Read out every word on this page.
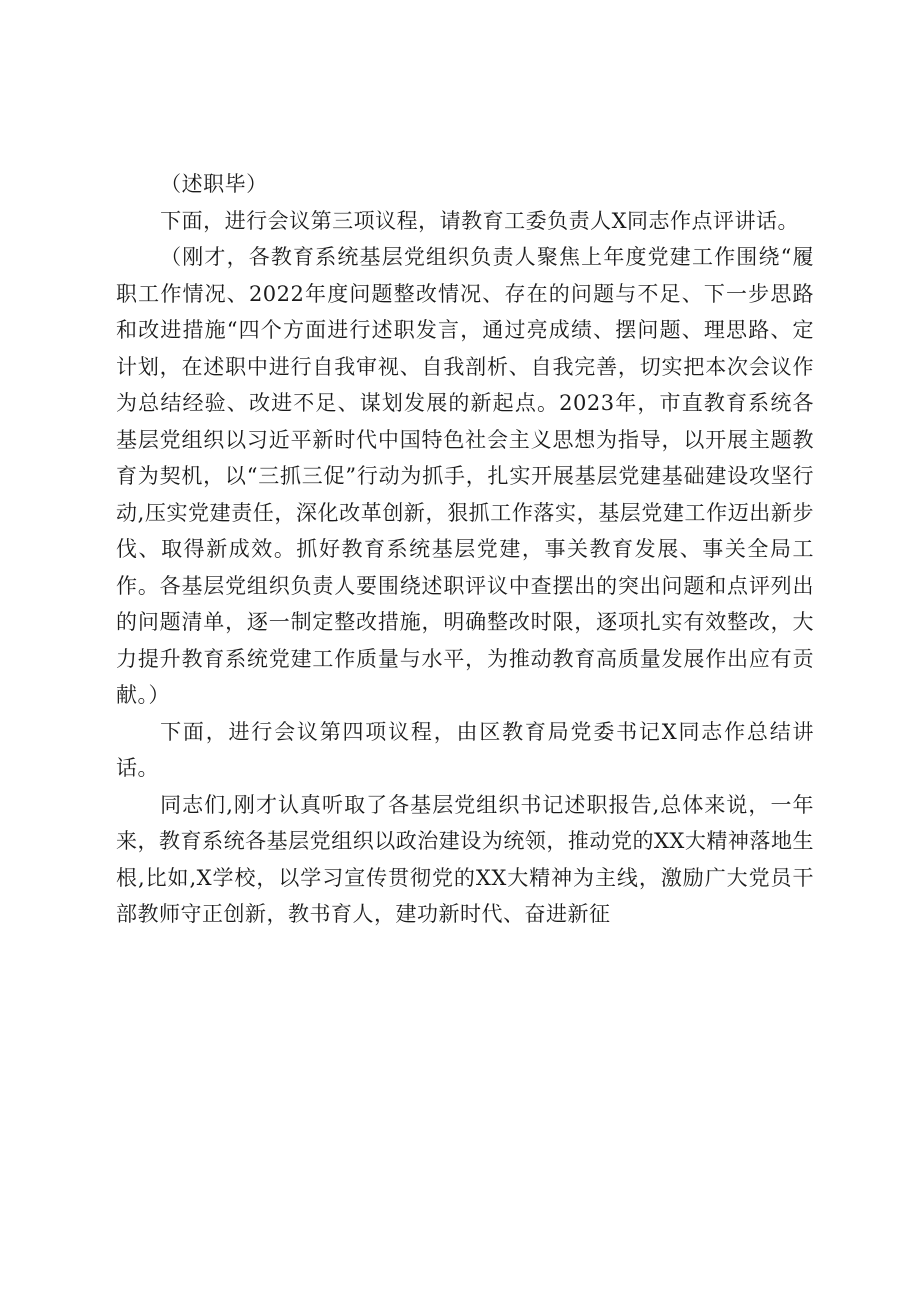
（述职毕）

下面，进行会议第三项议程，请教育工委负责人X同志作点评讲话。

（刚才，各教育系统基层党组织负责人聚焦上年度党建工作围绕“履职工作情况、2022年度问题整改情况、存在的问题与不足、下一步思路和改进措施“四个方面进行述职发言，通过亮成绩、摆问题、理思路、定计划，在述职中进行自我审视、自我剖析、自我完善，切实把本次会议作为总结经验、改进不足、谋划发展的新起点。2023年，市直教育系统各基层党组织以习近平新时代中国特色社会主义思想为指导，以开展主题教育为契机，以“三抓三促”行动为抓手，扎实开展基层党建基础建设攻坚行动,压实党建责任，深化改革创新，狠抓工作落实，基层党建工作迈出新步伐、取得新成效。抓好教育系统基层党建，事关教育发展、事关全局工作。各基层党组织负责人要围绕述职评议中查摆出的突出问题和点评列出的问题清单，逐一制定整改措施，明确整改时限，逐项扎实有效整改，大力提升教育系统党建工作质量与水平，为推动教育高质量发展作出应有贡献。）

下面，进行会议第四项议程，由区教育局党委书记X同志作总结讲话。

同志们,刚才认真听取了各基层党组织书记述职报告,总体来说，一年来，教育系统各基层党组织以政治建设为统领，推动党的XX大精神落地生根,比如,X学校，以学习宣传贯彻党的XX大精神为主线，激励广大党员干部教师守正创新，教书育人，建功新时代、奋进新征
